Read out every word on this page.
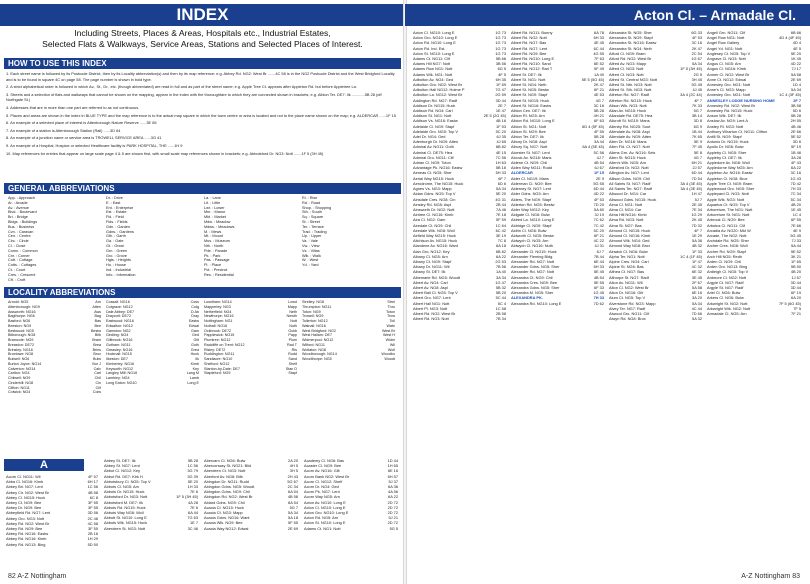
INDEX
Including Streets, Places & Areas, Hospitals etc., Industrial Estates,
Selected Flats & Walkways, Service Areas, Stations and Selected Places of Interest.
HOW TO USE THIS INDEX

1. Each street name is followed by its Postcode District, then by its Locality abbreviation(s) and then by its map reference; e.g. Abbey Rd. NG2: West Br .......4C 58 is in the NG2 Postcode District and the West Bridgford Locality and is to be found in square 4C on page 58. The page number is shown in bold type.

2. A strict alphabetical order is followed in which Av., St., Dr., etc. (though abbreviated) are read in full and as part of the street name; e.g. Apple Tree Ct. appears after Appleton Rd. but before Appletree La.

3. Streets and a selection of flats and walkways that cannot be shown on the mapping, appear in the index with the thoroughfare to which they are connected shown in brackets; e.g. Albion Ter. DE7: Ilk ............5B 28 (off Northgate St.)

4. Addresses that are in more than one part are referred to as not continuous.

5. Places and areas are shown in the index in BLUE TYPE and the map reference is to the actual map square in which the town centre or area is located and not to the place name shown on the map; e.g. ALDERCAR ......1F 15

6. An example of a selected place of interest is Attenborough Nature Reserve ......3E 65

7. An example of a station is Attenborough Station (Rail) ......3D 64

8. An example of a junction name or service area is TROWELL SERVICE AREA ......3G 41

9. An example of a Hospital, Hospice or selected Healthcare facility is PARK HOSPITAL, THE ......1H 9

10. Map references for entries that appear on large scale page 4 & 5 are shown first, with small scale map references shown in brackets; e.g. Abbotsford Dr. NG3: Nott .......1F 5 (3H 45)

GENERAL ABBREVIATIONS
App. : Approach
Ar. : Arcade
Av. : Avenue
Blvd. : Boulevard
Bri. : Bridge
Bldgs. : Buildings
Bus. : Business
Cvn. : Caravan
Cen. : Centre
Circ. : Circle
Cl. : Close
Comn. : Common
Cnr. : Corner
Cott. : Cottage
Cotts. : Cottages
Ct. : Court
Cres. : Crescent
Cft. : Croft
Dr. : Drive
E. : East
Ent. : Enterprise
Est. : Estate
Fld. : Field
Flds. : Fields
Gdn. : Garden
Gdns. : Gardens
Gth. : Garth
Ga. : Gate
Gt. : Great
Grn. : Green
Gro. : Grove
Hgts. : Heights
Ho. : House
Ind. : Industrial
Info. : Information
La. : Lane
Lit. : Little
Lwr. : Lower
Mnr. : Manor
Mkt. : Market
Mdw. : Meadow
Mdws. : Meadows
M. : Mews
Mt. : Mount
Mus. : Museum
Nth. : North
Pde. : Parade
Pk. : Park
Pas. : Passage
Pl. : Place
Pct. : Precinct
Res. : Residential
Ri. : Rise
Rd. : Road
Shop. : Shopping
Sth. : South
Sq. : Square
St. : Street
Ter. : Terrace
Trad. : Trading
Up. : Upper
Va. : Vale
Vw. : View
Vs. : Villas
Wlk. : Walk
W. : West
Yd. : Yard
LOCALITY ABBREVIATIONS
Arn
Arnold: NG5
Atten
Attenborough: NG9
Aws
Awsworth: NG16
Bag
Bagthorpe: NG6
Bas
Basford: NG6
Bee
Beeston: NG9
Bestw
Bestwood: NG5
Bilb
Bilborough: NG8
Bram
Bramcote: NG9
Brea
Breaston: DE72
Brins
Brinsley: NG16
Brox
Broxtowe: NG8
Bulw
Bulwell: NG6
Bur J
Burton Joyce: NG14
Calv
Calverton: NG14
Carl
Carlton: NG4
Chil
Chilwell: NG9
Cin
Cinderhill: NG8
Clif
Clifton: NG11
Colw
Colwick: NG4
Coss
Cossall: NG16
Cotg
Cotgrave: NG12
D Ab
Dale Abbey: DE7
Dray
Draycott: DE72
Eastw
Eastwood: NG16
Edwal
Edwalton: NG12
Gam
Gamston: NG2
Ged
Gedling: NG4
Gilt
Giltbrook: NG16
Goth
Gotham: NG11
Grea
Greasley: NG16
Huck
Hucknall: NG15
Ilk
Ilkeston: DE7
Kimb
Kimberley: NG16
Key
Keyworth: NG12
Lang M
Langley Mill: NG16
Lamb
Lambley: NG4
Long E
Long Eaton: NG10
Lowd
Lowdham: NG14
Mapp
Mapperley: NG3
Neth
Netherfield: NG4
Newth
Newthorpe: NG16
Nott
Nottingham: NG1
Nuth
Nuthall: NG16
Ockb
Ockbrook: DE72
Papp
Papplewick: NG15
Plum
Plumtree: NG12
Rad T
Radcliffe on Trent: NG12
Ris
Risley: DE72
Rudd
Ruddington: NG11
Sand
Sandiacre: NG10
Shelf
Shelford: NG12
Stan D
Stanton-by-Dale: DE7
Stapf
Stapleford: NG9
Strel
Strelley: NG8
Thru
Thrumpton: NG11
Toton
Toton: NG9
Trow
Trowell: NG9
Toll
Tollerton: NG12
Watn
Watnall: NG16
West Br
West Bridgford: NG2
West H
West Hallam: DE7
Widm
Widmerpool: NG12
Wil
Wilford: NG11
Woll
Wollaton: NG8
Woodbo
Woodborough: NG14
Woodt
Woodthorpe: NG5
A
4F 57
Acorn Cl. NG11: Wil
6H 17
Abba Cl. NG16: Kimb
1C 56
Abbey Bri. NG7: Lent
4B 58
Abbey Cir. NG2: West Br
6C 8
Abbey Cl. NG15: Huck
3F 55
Abbey Ct. NG9: Bee
3F 55
Abbey Dr. NG9: Bee
3D 56
Abbeyfield Rd. NG7: Lent
2C 46
Abbey Gro. NG3: Nott
4C 58
Abbey Rd. NG2: West Br
3F 55
Abbey Rd. NG9: Bee
2B 16
Abbey Rd. NG16: Eastw
1H 29
Abbey Rd. NG16: Kimb
5D 50
Abbey Rd. NG13: Bing
5B 28
Abbey St. DE7: Ilk
1C 56
Abbey St. NG7: Lent
3G 79
Abbot Cl. NG12: Key
3G 39
Abbot Rd. DE7: Kirk H
5E 20
Abbotsbury Cl. NG5: Top V
1H 33
Abbots Cl. NG5: Arn
7E 6
Abbots Dr. NG15: Huck
1F 5 (3H 45)
Abbotsford Dr. NG3: Nott
4A 28
Abbotsford M. DE7: Ilk
7E 6
Abbots Rd. NG15: Huck
6A 44
Abbots Way NG8: Woll
7G 63
Abbott St. NG10: Long E
1E 7
Abbots Wlk. NG15: Huck
3C 46
Aberdeen St. NG3: Nott
2A 20
Abercarn Cl. NG6: Bulw
4H 5
Aberconway St. NG21: Blid
3H 5
Aberdeen Ct. NG3: Nott
2H 43
Aberford Av. NG8: Bilb
5G 67
Abingdon Dr. NG11: Rudd
2C 34
Abingdon Gdns. NG5: Woodt
6A 54
Abingdon Gdns. NG9: Chil
4B 58
Abingdon Rd. NG2: West Br
6A 54
Ablard Gdns. NG9: Chil
5G 7
Acacia Cl. NG15: Huck
5A 34
Acacia Ct. NG3: Mapp
5A 18
Acacia Gdns. NG16: Want
5F 55
Acacia Wlk. NG9: Bee
2E 69
Acacia Way NG12: Edwal
1D 44
Academy Cl. NG6: Bas
1H 65
Acaster Cl. NG9: Bee
6E 16
Acorn Av. NG16: Gilt
6H 57
Acorn Bank NG2: West Br
5J 37
Acorn Cl. NG12: Shelf
6A 36
Acorn Dr. NG4: Ged
4A 56
Acorn Pk. NG7: Lent
6A 22
Acorn Way NG5: Arn
2D 72
Acton Av. NG10: Long E
2D 72
Acton Cl. NG10: Long E
2D 72
Acton Gro. NG10: Long E
5J 21
Acton Rd. NG5: Arn
2D 72
Acton St. NG10: Long E
5G 5
Adams Ct. NG1: Nott
82 A-Z Nottingham
Acton Cl. – Armadale Cl.
1G 73
Acton Cl. NG10: Long E
1G 73
Acton Gro. NG10: Long E
1G 73
Acton Rd. NG10: Long E
1G 73
Acton Rd. Ind. Est.
1G 73
Acton St. NG10: Long E
5B 66
Adams Ct. NG11: Clif
3B 56
Adams Hill NG7: Nott
6G 5
Adams Row NG1: Nott
4F 5
Adams Wlk. NG1: Nott
6H 35
Adbolton Av. NG4: Ged
1F 59
Adbolton Gro. NG2: West Br
7G 47
Adbolton Hall NG12: Holme P
2G 59
Adbolton La. NG12: West Br
3D 44
Addington Rd. NG7: Radf
2E 7
Addison Dr. NG15: Huck
1E 47
Addison Rd. NG4: Carl
2E 5 (2G 45)
Addison St. NG1: Nott
4B 16
Addison Vs. NG16: Eastw
1F 53
Adelaide Cl. NG9: Stapf
5C 20
Adelaide Gro. NG5: Top V
6J 35
Adel Dr. NG4: Ged
4J 65
Adenburgh Dr. NG9: Atten
6B 82
Admiral Av. NG11: Goth
4E 15
Admiral Cl. DE75: Hea
7C 56
Admiral Gro. NG11: Clif
1H 63
Adrian Cl. NG9: Toton
5B 16
Advantage Pk. NG16: Eastw
5H 33
Aeneas Ct. NG5: Sher
6F 7
Aerial Way NG15: Huck
6D 6
Aerodrome, The NG15: Huck
5A 34
Agnes Vs. NG3: Mapp
5E 20
Aidan Gdns. NG5: Top V
4G 31
Ainsdale Cres. NG8: Cin
2B 44
Ainsley Rd. NG8: Aspl
7A 46
Ainsworth Dr. NG2: Nott
7E 18
Aintree Cl. NG16: Kimb
5F 59
Aira Cl. NG2: Gam
1C 64
Airedale Ct. NG9: Chil
6C 42
Airedale Wlk. NG8: Woll
3E 19
Airfield Way NG15: Huck
7C 8
Aitchison Av. NG15: Huck
6A 18
Alandene Av. NG16: Want
6B 82
Alan Gro. NG12: Key
6A 22
Albany Cl. NG5: Arn
2G 53
Albany Ct. NG9: Stapf
7B 56
Albany Dr. NG11: Wil
1A 40
Albany St. DE7: Ilk
3A 34
Albemarle Rd. NG5: Woodt
1G 47
Albert Av. NG4: Carl
5B 32
Albert Av. NG8: Aspl
5B 20
Albert Ball Cl. NG5: Top V
5C 44
Albert Gro. NG7: Lent
5C 4
Albert Hall NG1: Nott
1C 58
Albert Pl. NG3: Nott
2B 58
Albert Rd. NG2: West Br
7B 34
Albert Rd. NG3: Nott
6A 78
Albert Rd. NG11: Bunny
6H 33
Albert Rd. NG2: Nott
4E 45
Albert Rd. NG7: Bas
6C 44
Albert Rd. NG7: Lent
4G 55
Albert Rd. NG9: Bee
7F 63
Albert Rd. NG10: Long E
6E 52
Albert Rd. NG10: Sand
5F 49
Albert Rd. NG12: Rad T
1A 40
Albert St. DE7: Ilk
5E 5 (5G 45)
Albert St. NG1: Nott
2K 47
Albert St. NG4: Neth
6F 21
Albert St. NG5: Bestw
4E 53
Albert St. NG9: Stapf
4G 7
Albert St. NG15: Huck
3C 16
Albert St. NG16: Eastw
5B 28
Albion Cen. DE7: Ilk
4H 21
Albion Ri. NG5: Arn
6F 63
Albion Rd. NG10: Long E
6D 4 (5F 45)
Albion St. NG1: Nott
4F 55
Albion St. NG9: Bee
5B 28
Albion Ter. DE7: Ilk
3A 44
Albury Dr. NG8: Aspl
6A 4 (5E 45)
Albury Sq. NG7: Nott
5C 56
Alcester St. NG7: Lent
4J 7
Alcock Av. NG18: Mans
4B 54
Aldene Ct. NG9: Chil
6J 67
Alden Way NG11: Rudd
1F 15
ALDERCAR
2E 9
Alder Cl. NG19: Mans
5G 55
Alderman Cl. NG9: Bee
6D 44
Alderney St. NG7: Lent
4D 22
Alder Gdns. NG5: Arn
4F 53
Alders, The NG9: Stapf
7D 20
Alderton Rd. NG5: Bestw
5A 80
Alder Way NG12: Key
3J 19
Aldgate Cl. NG6: Bulw
7C 62
Aldred La. NG10: Long E
7C 42
Aldridge Cl. NG9: Stapf
5C 20
Aldrin Cl. NG6: Bulw
6F 21
Aldworth Cl. NG5: Bestw
4C 22
Aldwych Cl. NG5: Arn
4J 31
Aldwych Cl. NG16: Nuth
6J 7
Alexander Cl. NG15: Huck
7B 44
Alexander Fleming Bldg.
6E 44
Alexander Rd. NG7: Nott
6H 33
Alexander Gdns. NG5: Sher
5E 45
Alexander Rd. NG7: Nott
4B 54
Alexandra Ct. NG9: Chil
5E 55
Alexandra Cres. NG9: Bee
6F 33
Alexandra Gdns. NG5: Sher
1G 45
Alexandra M. NG5: Sher
7H 33
ALEXANDRA PK.
7D 62
Alexandra Rd. NG10: Long E
6G 33
Alexandra St. NG5: Sher
4F 53
Alexandra St. NG9: Stapf
3C 16
Alexandra St. NG16: Eastw
2K 47
Alexandra St. NG4: Neth
2C 54
Alford Cl. NG9: Bram
1G 67
Alford Rd. NG2: West Br
5A 34
Alfred Av. NG3: Mapp
1F 5 (3H 45)
Alfred Cl. NG3: Nott
2G 5
Alfred Ct. NG3: Nott
3H 45
Alfred St. Central NG3: Nott
3G 45
Alfred St. Nth. NG3: Nott
4J 45
Alfred St. Sth. NG3: Nott
3A 4 (2C 44)
Alfreton Rd. NG7: Radf
4F 7
Alfreton Rd. NG15: Huck
7K 33
Alison Wlk. NG3: Nott
5G 7
Allan Av. NG15: Huck
3B 14
Allandale Rd. DE75: Hea
3D 8
Allcroft St. NG19: Mans
6G 9
Allenby Rd. NG25: Sout
1B 44
Allendale Av. NG8: Aspl
7K 65
Allendale Av. NG9: Atten
5E 9
Allen Dr. NG18: Mans
7F 45
Allen Fld. Ct. NG7: Nott
5E 8
Allens Grn. Av. NG16: Sels
4G 7
Allen St. NG15: Huck
6H 21
Allen's Wlk. NG5: Arn
2J 57
Allesford Dr. NG2: Nott
6D 44
Allington Av. NG7: Lent
7D 54
Allison Gdns. NG9: Chil
3A 4 (3E 45)
All Saints St. NG7: Radf
3A 4 (3E 45)
All Saints Ter. NG7: Radf
1H 47
Allwood Dr. NG4: Car
5J 7
Allwood Gdns. NG15: Huck
2E 45
Alma Cl. NG1: Nott
7E 34
Alma Cl. NG4: Car
1G 29
Alma Hill NG16: Kimb
2K 45
Alma Rd. NG3: Nott
7D 32
Alma St. NG7: Bas
4F 7
Almond Cl. NG15: Huck
1E 29
Almond Cl. NG16: Kimb
5A 36
Almond Wlk. NG4: Ged
4B 32
Almond Way NG8: Brox
1F 33
Alnwick Cl. NG6: Bulw
1C 4 (1F 45)
Alpha Ter. NG1: Nott
1F 47
Alpine Cres. NG4: Carl
4C 32
Alpine St. NG6: Bas
6E 32
Althea Ct. NG7: Bas
3E 45
Althorpe St. NG7: Radf
2F 67
Alton Av. NG11: Wil
5A 58
Alton Cl. NG2: West Br
6E 16
Alton Dr. NG16: Gilt
3A 20
Alum Ct. NG5: Top V
5A 34
Alverstone Rd. NG3: Mapp
4C 44
Alvey Ter. NG7: Radf
7D 66
Alwood Gro. NG11: Clif
5A 32
Alwyn Rd. NG8: Brox
6B 66
Angell Grn. NG11: Clif
4D 4 (4F 45)
Angel Row NG1: Nott
4D 4
Angel Row Gallery
4E 5
Angel Yd. NG1: Nott
5E 20
Anglesey Ct. NG5: Top V
1K 45
Angrave Cl. NG3: Nott
4D 22
Angus Cl. NG5: Arn
7J 17
Angus Cl. NG16: Kimb
5A 58
Anmer Cl. NG2: West Br
2E 69
Anne Ct. NG12: Edwal
1D 4
Annesley Gro. NG1: Nott
5A 34
Anne's Cl. NG3: Mapp
1C 4 (3F 45)
Annesley Gro. NG1: Nott
2F 7
ANNESLEY LODGE NURSING HOME
3B 58
Annesley Rd. NG2: West Br
5D 6
Annesley Rd. NG15: Huck
5B 28
Anson Wlk. DE7: Ilk
2H 55
Anslow Av. NG9: Lent A
4B 46
Anstey Ri. NG3: Nott
2E 66
Anthony Wharton Ct. NG11: Clifton
5E 52
Antill St. NG9: Stapf
3D 6
Antonio Dr. NG15: Huck
5F 19
Apollo Dr. NG6: Bulw
1B 46
Appleby Cl. NG5: Sher
3A 28
Appleby Ct. DE7: Ilk
4F 43
Appledore Av. NG8: Woll
6A 22
Appledorne Way NG5: Arn
3C 16
Appleton Av. NG16: Eastw
1G 43
Appleton Cl. NG8: Brox
7D 42
Apple Tree Ct. NG9: Bram
7H 33
Applewood Gro. NG5: Sher
7C 34
Appleyard Cl. NG3: Nott
5C 34
Apple Wlk. NG3: Nott
4B 20
Aquarius Ct. NG5: Top V
1E 45
Arboretum, The NG1: Nott
1C 4
Arboretum St. NG1: Nott
6F 55
Arbrook Cl. NG9: Bee
7E 66
Arbutus Cl. NG11: Clif
4E 9
Arcadia Av. NG20: Mkt W
5G 45
Arcade, The NG2: Nott
7J 33
Archdale Rd. NG5: Sher
5A 44
Archer Cres. NG8: Woll
5E 52
Archer Rd. NG9: Stapf
3K 21
Arch Hill NG5: Redh
1F 65
Arden Cl. NG9: Chil
5B 50
Arden Gro. NG13: Bing
4B 20
Ardleigh Cl. NG5: Top V
1J 57
Ardmore Cl. NG2: Nott
3D 44
Argyle Ct. NG7: Radf
3D 44
Argyle St. NG7: Radf
6F 19
Ariel Cl. NG6: Bulw
6A 20
Arkers Cl. NG6: Bulw
7F 5 (6G 45)
Arkwright St. NG2: Nott
7F 5
Arkwright Wlk. NG2: Nott
7F 21
Armadale Cl. NG5: Arn
A-Z Nottingham 83
